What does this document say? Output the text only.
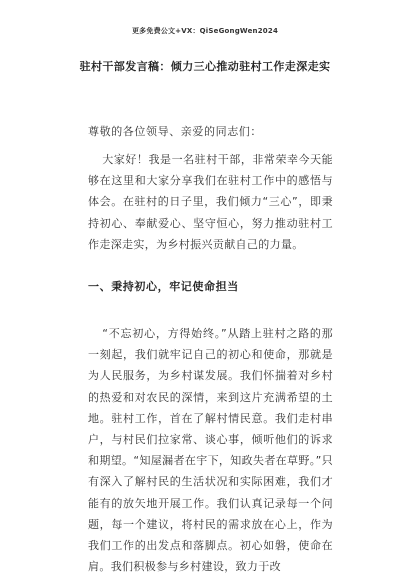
更多免费公文+VX：QiSeGongWen2024
驻村干部发言稿：倾力三心推动驻村工作走深走实
尊敬的各位领导、亲爱的同志们：
大家好！我是一名驻村干部，非常荣幸今天能够在这里和大家分享我们在驻村工作中的感悟与体会。在驻村的日子里，我们倾力“三心”，即秉持初心、奉献爱心、坚守恒心，努力推动驻村工作走深走实，为乡村振兴贡献自己的力量。
一、秉持初心，牢记使命担当
“不忘初心，方得始终。”从踏上驻村之路的那一刻起，我们就牢记自己的初心和使命，那就是为人民服务，为乡村谋发展。我们怀揣着对乡村的热爱和对农民的深情，来到这片充满希望的土地。驻村工作，首在了解村情民意。我们走村串户，与村民们拉家常、谈心事，倾听他们的诉求和期望。“知屋漏者在宇下，知政失者在草野。”只有深入了解村民的生活状况和实际困难，我们才能有的放矢地开展工作。我们认真记录每一个问题，每一个建议，将村民的需求放在心上，作为我们工作的出发点和落脚点。初心如磐，使命在肩。我们积极参与乡村建设，致力于改
